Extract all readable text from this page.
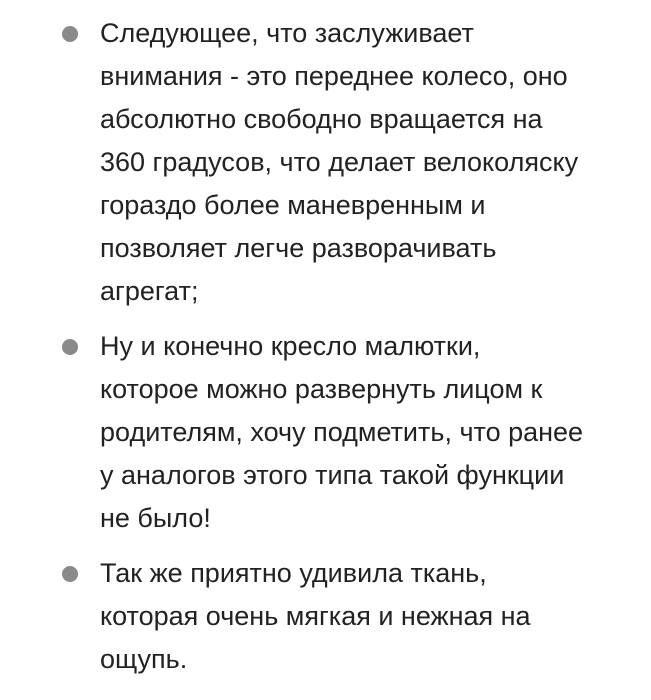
Следующее, что заслуживает
внимания - это переднее колесо, оно
абсолютно свободно вращается на
360 градусов, что делает велоколяску
гораздо более маневренным и
позволяет легче разворачивать
агрегат;

Ну и конечно кресло малютки,
которое можно развернуть лицом к
родителям, хочу подметить, что ранее
у аналогов этого типа такой функции
не было!

Так же приятно удивила ткань,
которая очень мягкая и нежная на
ощупь.
